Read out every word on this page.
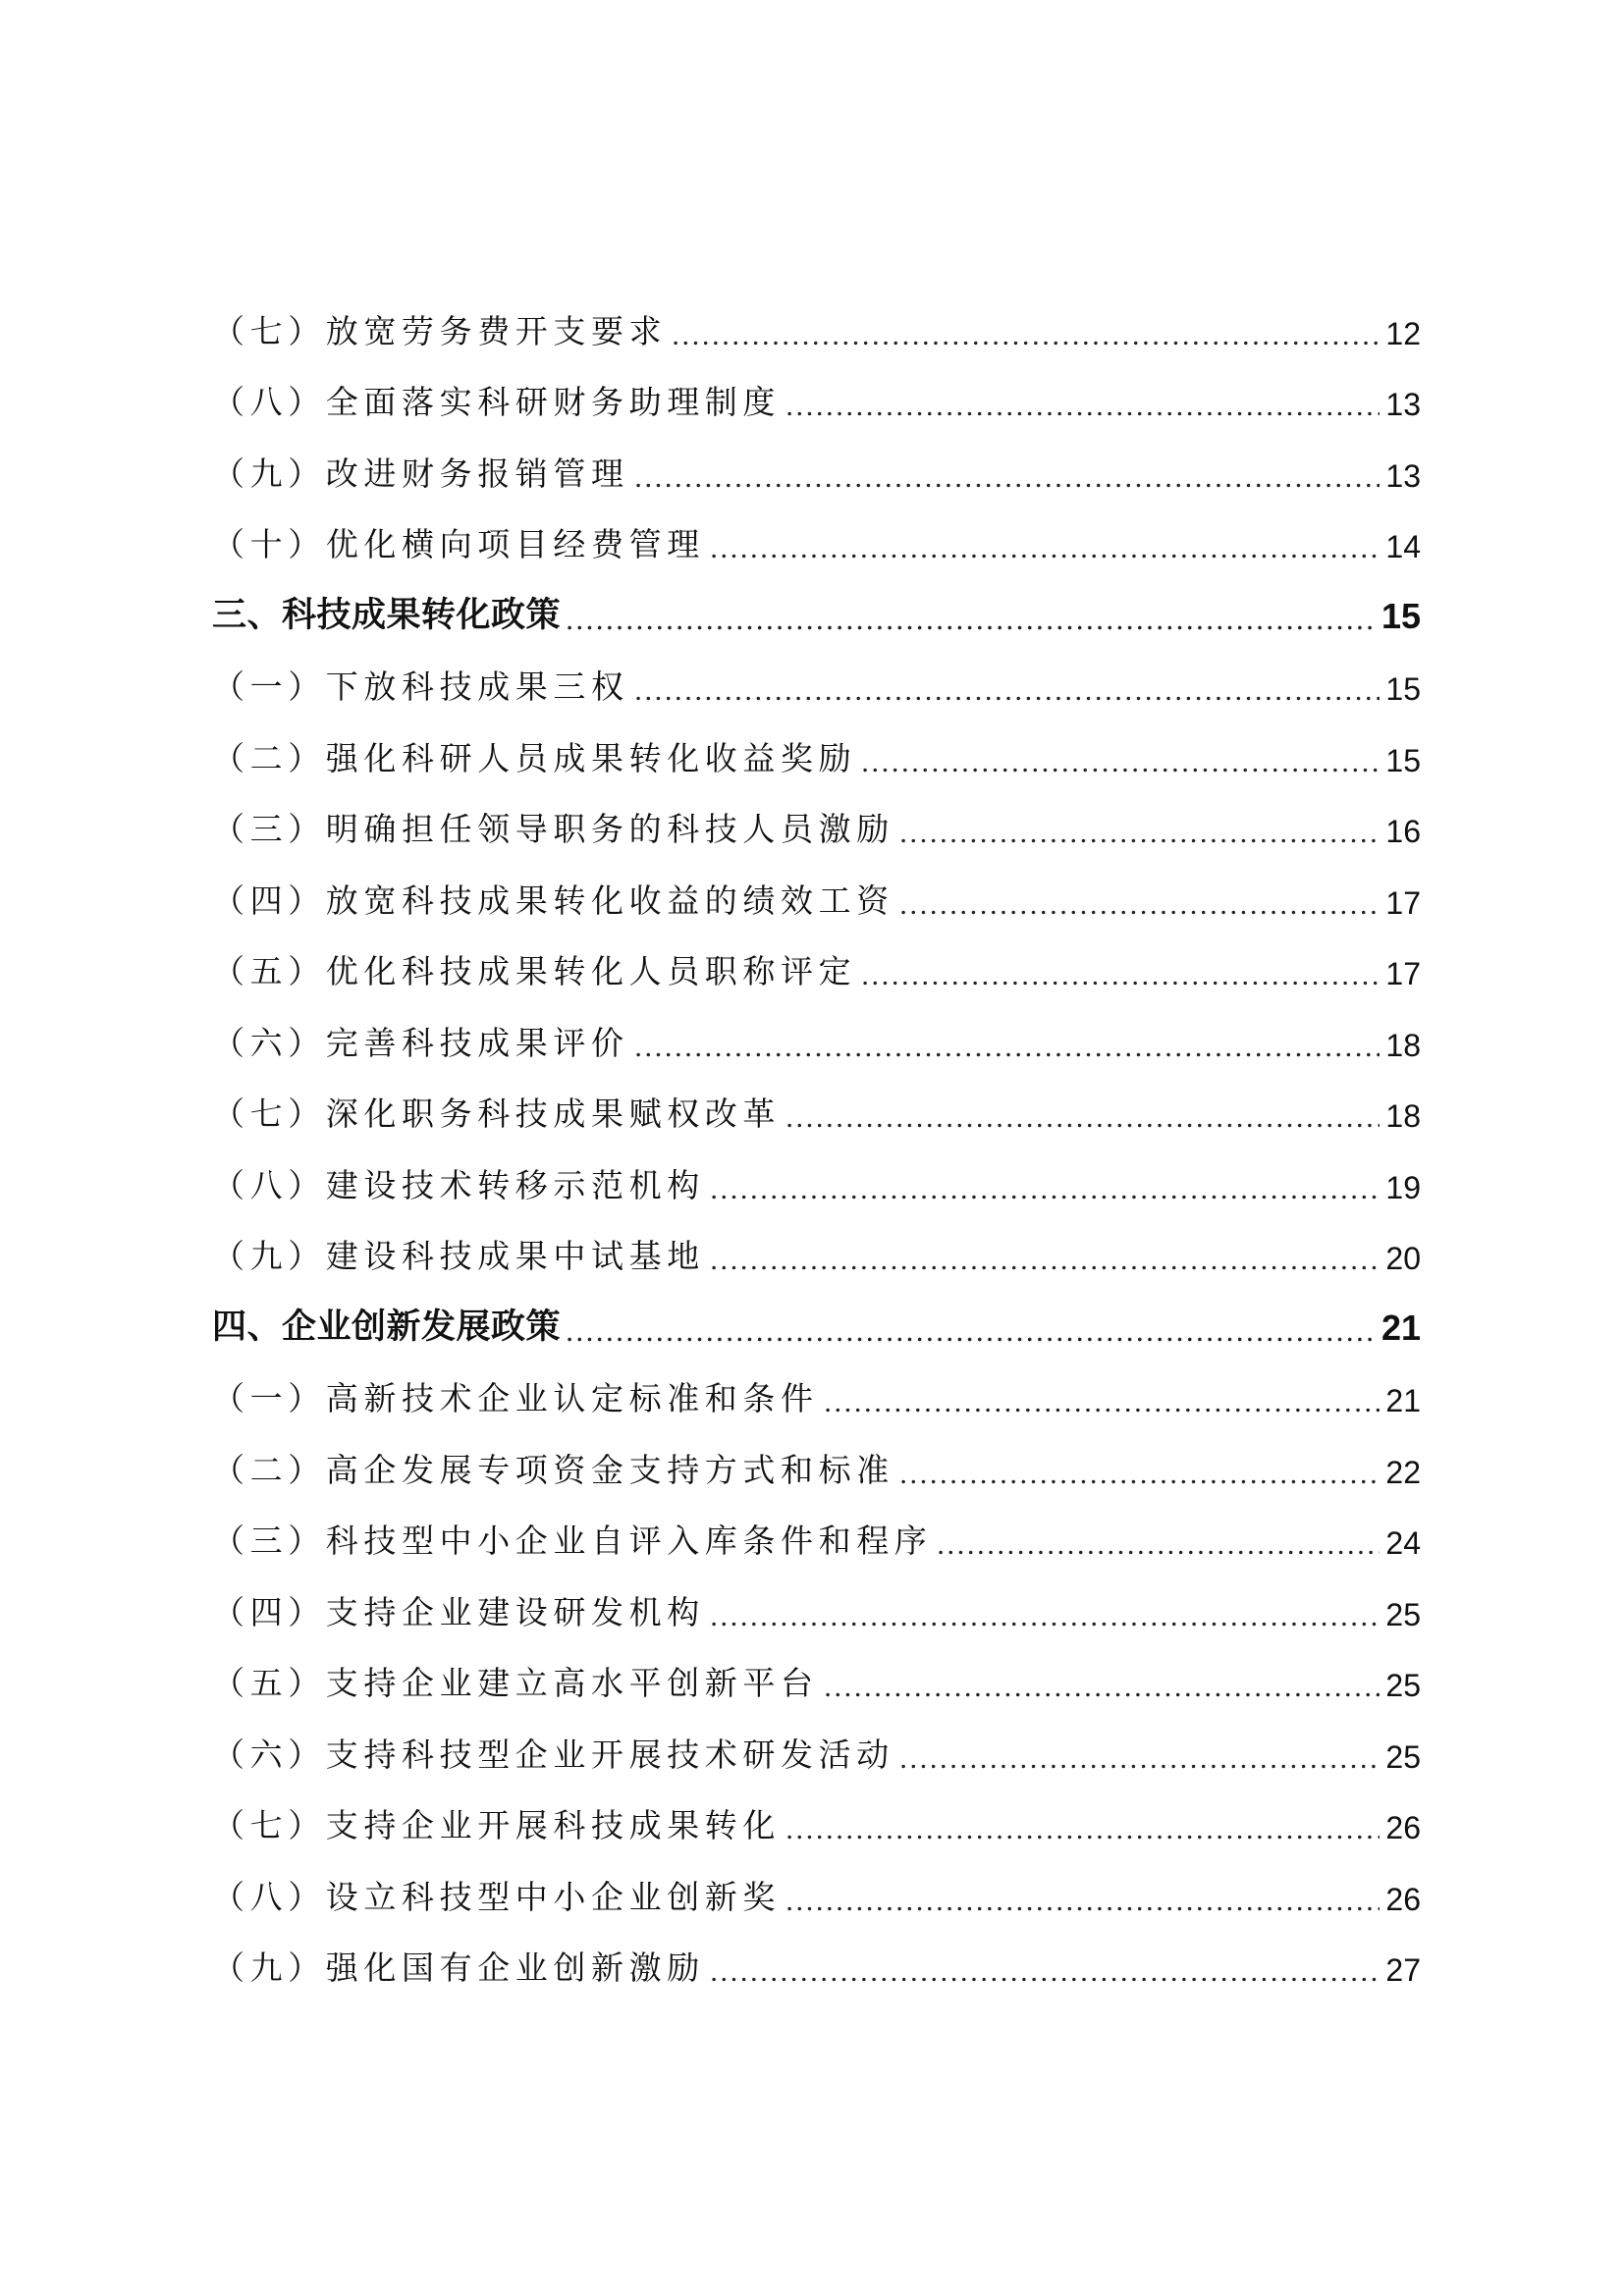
（七）放宽劳务费开支要求	12
（八）全面落实科研财务助理制度	13
（九）改进财务报销管理	13
（十）优化横向项目经费管理	14
三、科技成果转化政策	15
（一）下放科技成果三权	15
（二）强化科研人员成果转化收益奖励	15
（三）明确担任领导职务的科技人员激励	16
（四）放宽科技成果转化收益的绩效工资	17
（五）优化科技成果转化人员职称评定	17
（六）完善科技成果评价	18
（七）深化职务科技成果赋权改革	18
（八）建设技术转移示范机构	19
（九）建设科技成果中试基地	20
四、企业创新发展政策	21
（一）高新技术企业认定标准和条件	21
（二）高企发展专项资金支持方式和标准	22
（三）科技型中小企业自评入库条件和程序	24
（四）支持企业建设研发机构	25
（五）支持企业建立高水平创新平台	25
（六）支持科技型企业开展技术研发活动	25
（七）支持企业开展科技成果转化	26
（八）设立科技型中小企业创新奖	26
（九）强化国有企业创新激励	27
